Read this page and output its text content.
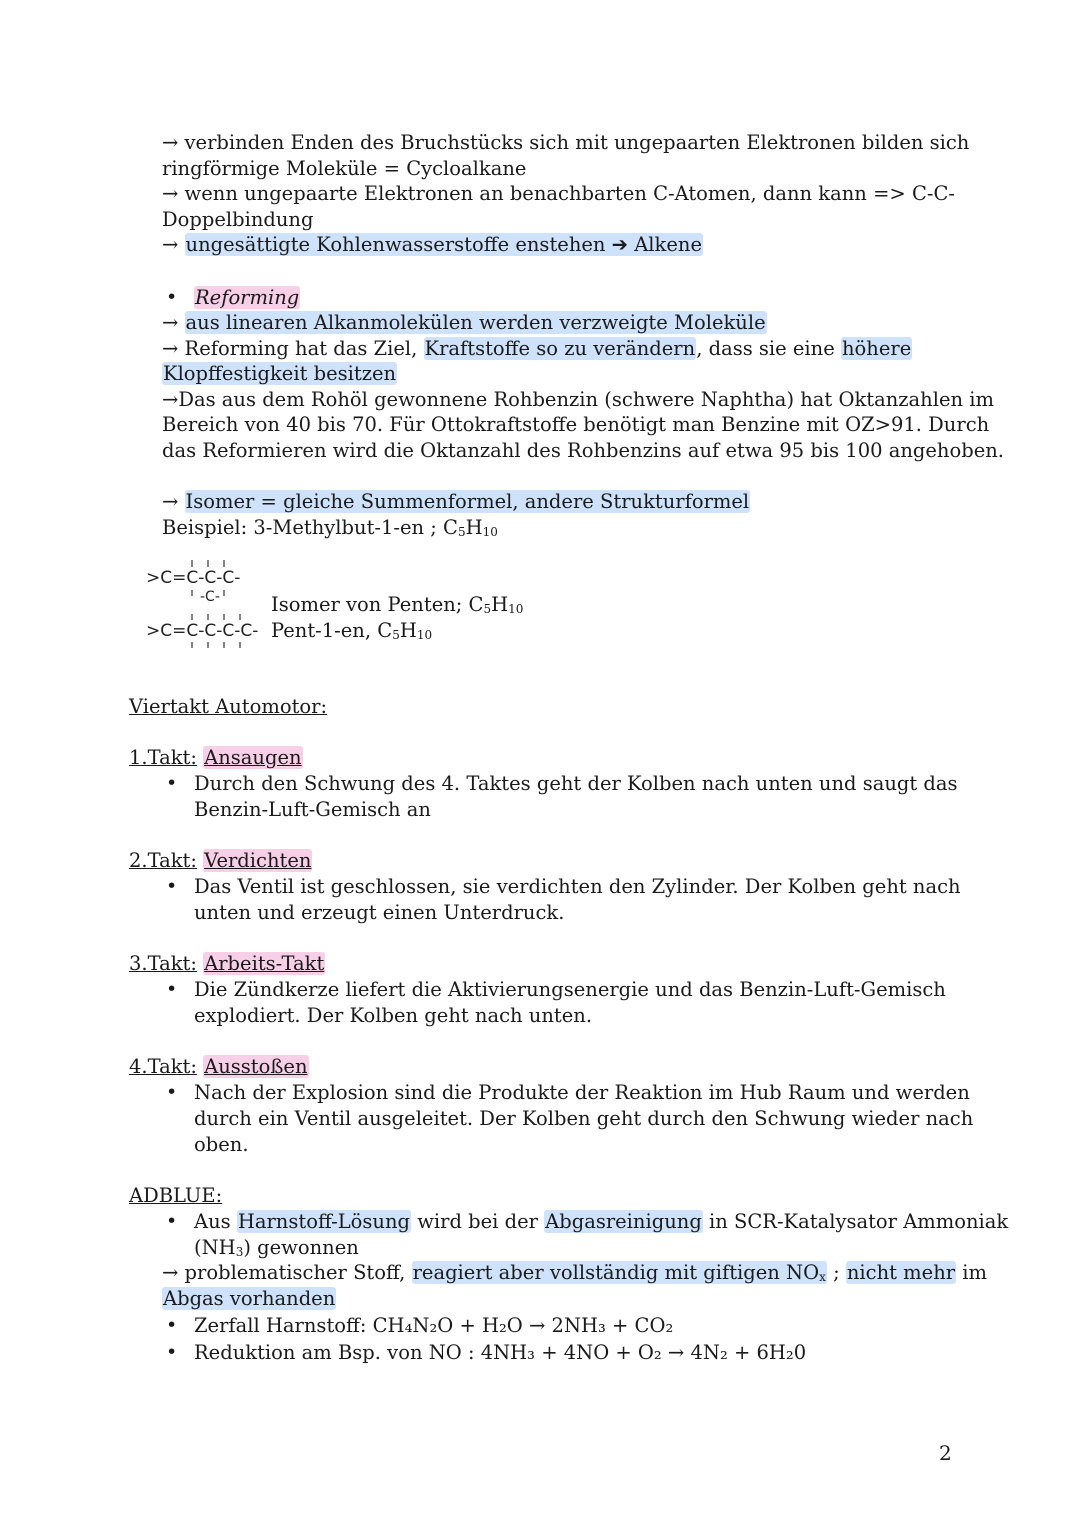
→ verbinden Enden des Bruchstücks sich mit ungepaarten Elektronen bilden sich
ringförmige Moleküle = Cycloalkane
→ wenn ungepaarte Elektronen an benachbarten C-Atomen, dann kann => C-C-
Doppelbindung
→ ungesättigte Kohlenwasserstoffe enstehen ➔ Alkene
• Reforming
→ aus linearen Alkanmolekülen werden verzweigte Moleküle
→ Reforming hat das Ziel, Kraftstoffe so zu verändern, dass sie eine höhere
Klopffestigkeit besitzen
→Das aus dem Rohöl gewonnene Rohbenzin (schwere Naphtha) hat Oktanzahlen im
Bereich von 40 bis 70. Für Ottokraftstoffe benötigt man Benzine mit OZ>91. Durch
das Reformieren wird die Oktanzahl des Rohbenzins auf etwa 95 bis 100 angehoben.
→ Isomer = gleiche Summenformel, andere Strukturformel
Beispiel: 3-Methylbut-1-en ; $C_5H_{10}$
>C=C-C-C-
-C-
>C=C-C-C-C-
Isomer von Penten; $C_5H_{10}$
Pent-1-en, $C_5H_{10}$
Viertakt Automotor:
1.Takt: Ansaugen
• Durch den Schwung des 4. Taktes geht der Kolben nach unten und saugt das
Benzin-Luft-Gemisch an
2.Takt: Verdichten
• Das Ventil ist geschlossen, sie verdichten den Zylinder. Der Kolben geht nach
unten und erzeugt einen Unterdruck.
3.Takt: Arbeits-Takt
• Die Zündkerze liefert die Aktivierungsenergie und das Benzin-Luft-Gemisch
explodiert. Der Kolben geht nach unten.
4.Takt: Ausstoßen
• Nach der Explosion sind die Produkte der Reaktion im Hub Raum und werden
durch ein Ventil ausgeleitet. Der Kolben geht durch den Schwung wieder nach
oben.
ADBLUE:
• Aus Harnstoff-Lösung wird bei der Abgasreinigung in SCR-Katalysator Ammoniak
$(NH_3)$ gewonnen
→ problematischer Stoff, reagiert aber vollständig mit giftigen $NO_x$ ; nicht mehr im
Abgas vorhanden
• Zerfall Harnstoff: CH₄N₂O + H₂O → 2NH₃ + CO₂
• Reduktion am Bsp. von NO : 4NH₃ + 4NO + O₂ → 4N₂ + 6H₂0
2
